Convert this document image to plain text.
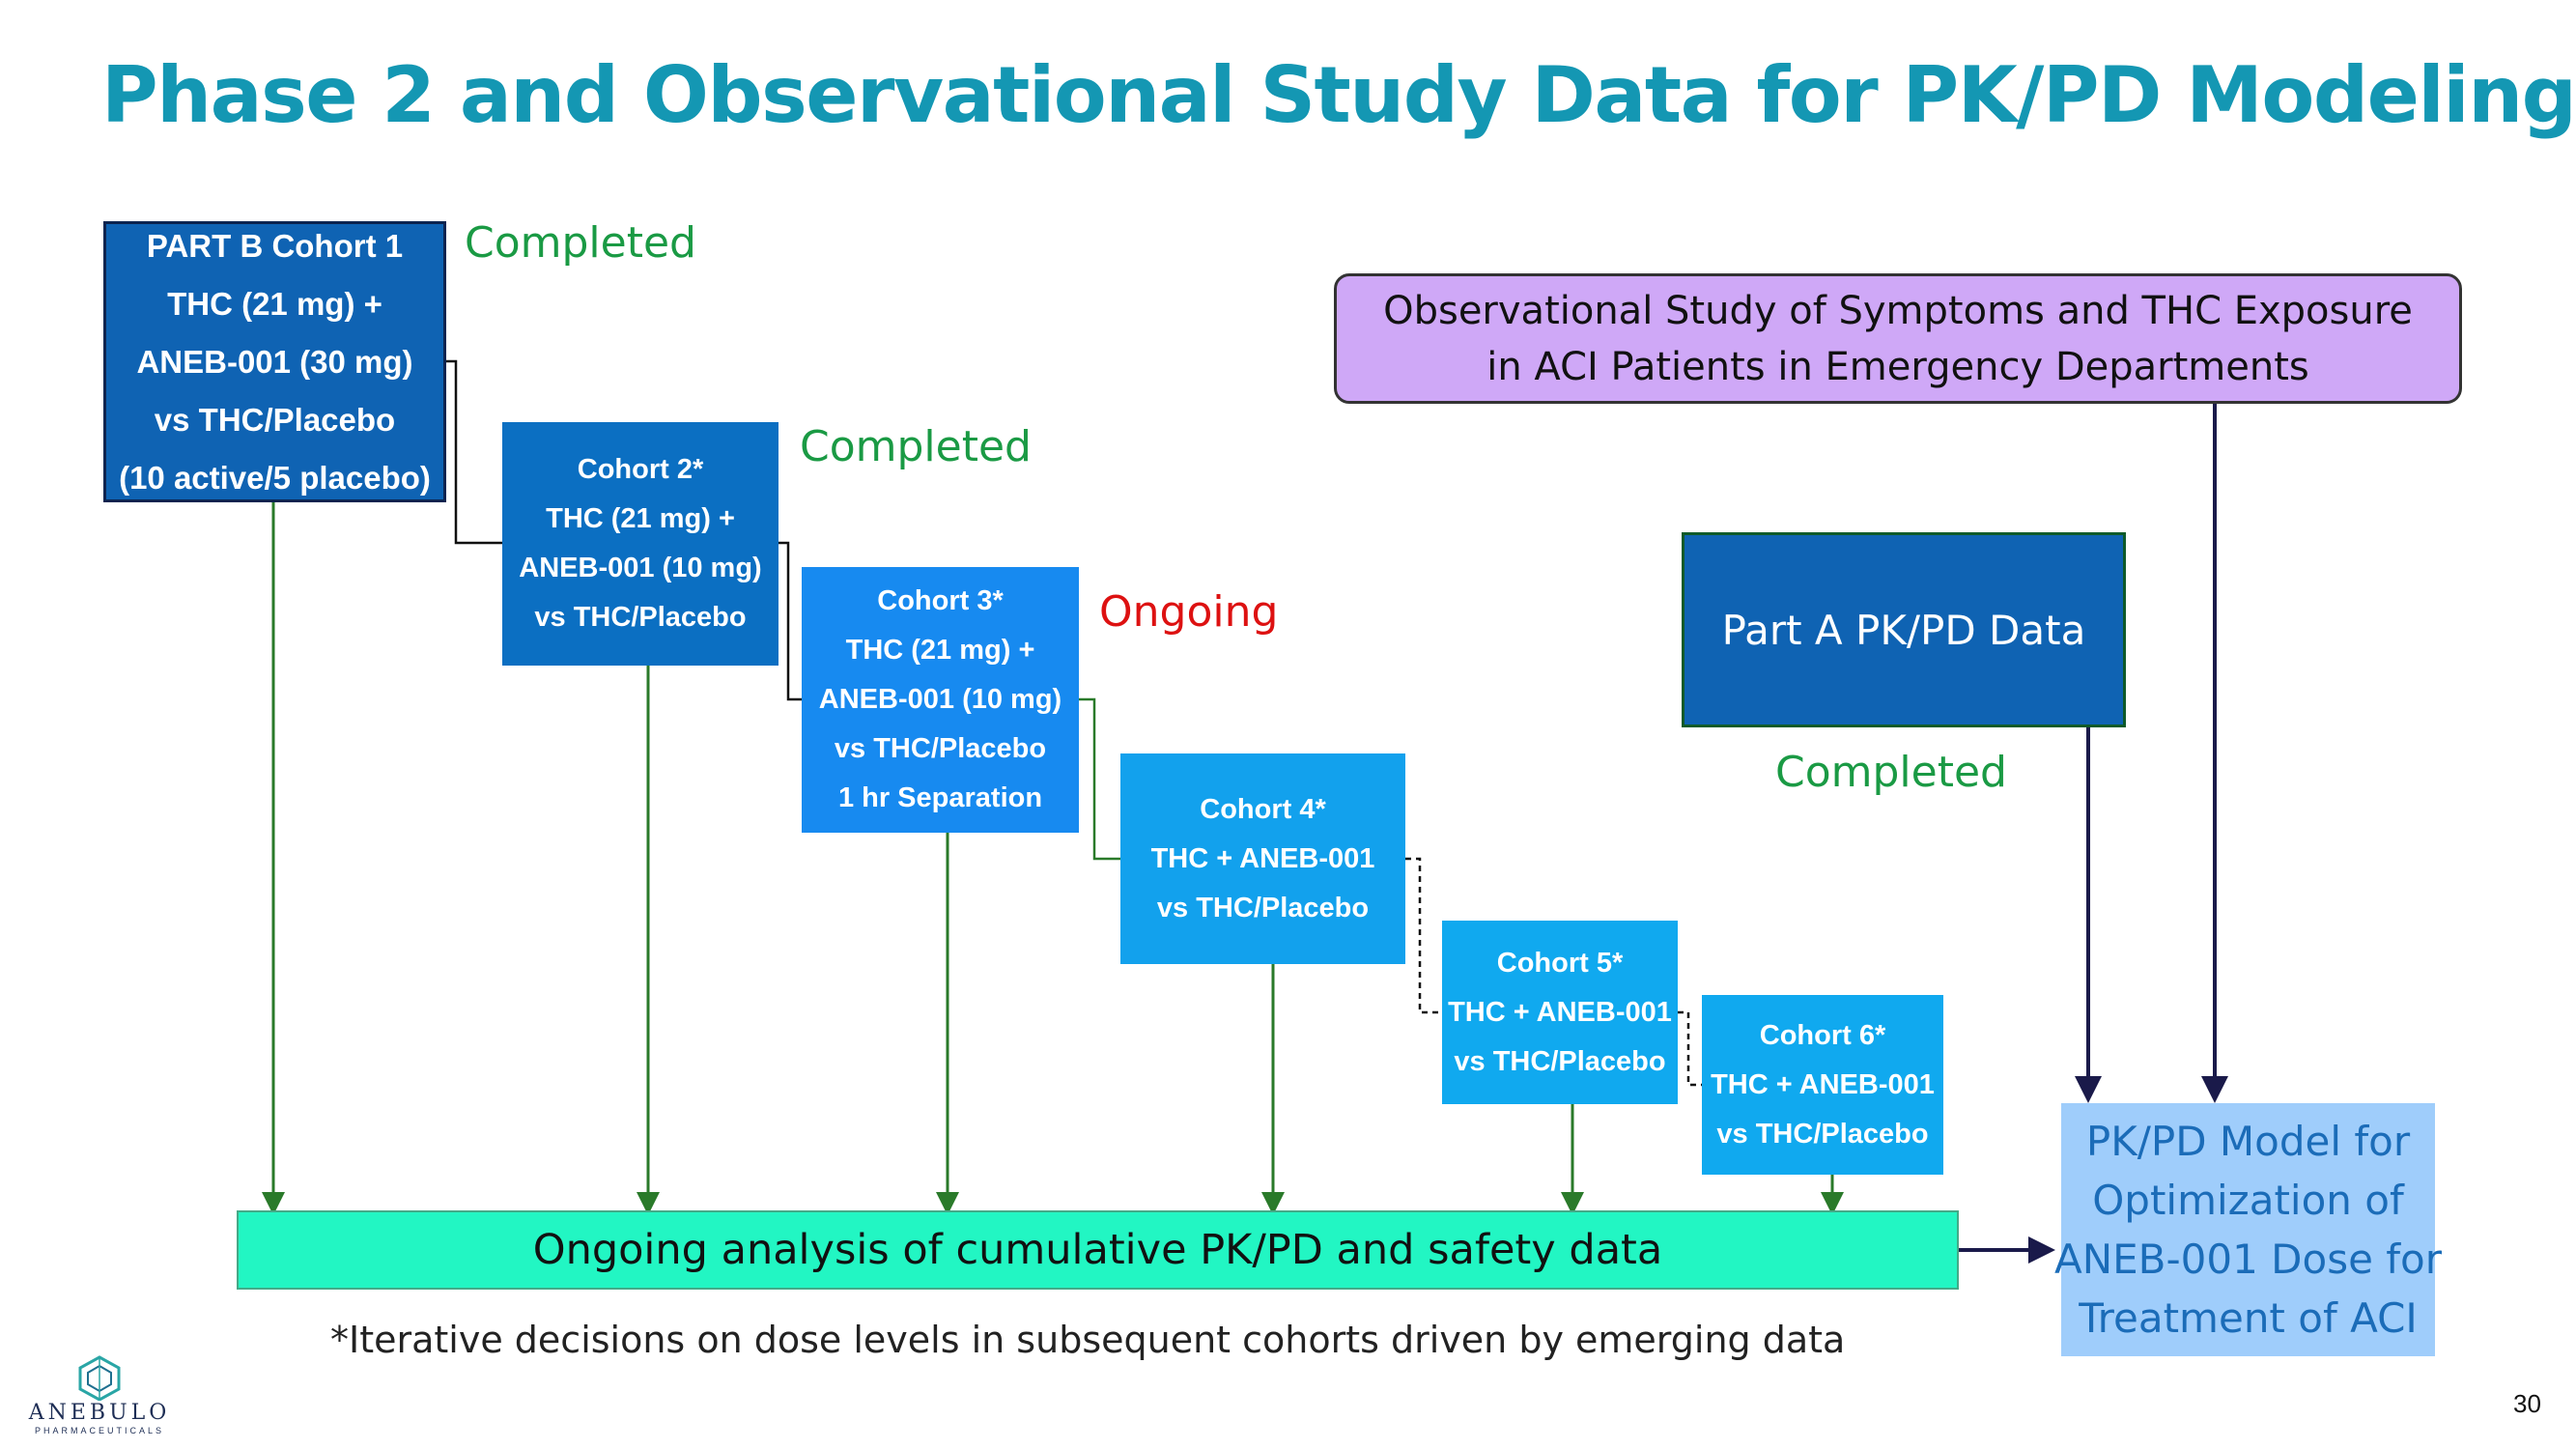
Phase 2 and Observational Study Data for PK/PD Modeling
PART B Cohort 1
THC (21 mg) +
ANEB-001 (30 mg)
vs THC/Placebo
(10 active/5 placebo)
Completed
Cohort 2*
THC (21 mg) +
ANEB-001 (10 mg)
vs THC/Placebo
Completed
Cohort 3*
THC (21 mg) +
ANEB-001 (10 mg)
vs THC/Placebo
1 hr Separation
Ongoing
Cohort 4*
THC + ANEB-001
vs THC/Placebo
Cohort 5*
THC + ANEB-001
vs THC/Placebo
Cohort 6*
THC + ANEB-001
vs THC/Placebo
Observational Study of Symptoms and THC Exposure
in ACI Patients in Emergency Departments
Part A PK/PD Data
Completed
PK/PD Model for
Optimization of
ANEB-001 Dose for
Treatment of ACI
Ongoing analysis of cumulative PK/PD and safety data
*Iterative decisions on dose levels in subsequent cohorts driven by emerging data
ANEBULO
PHARMACEUTICALS
30
